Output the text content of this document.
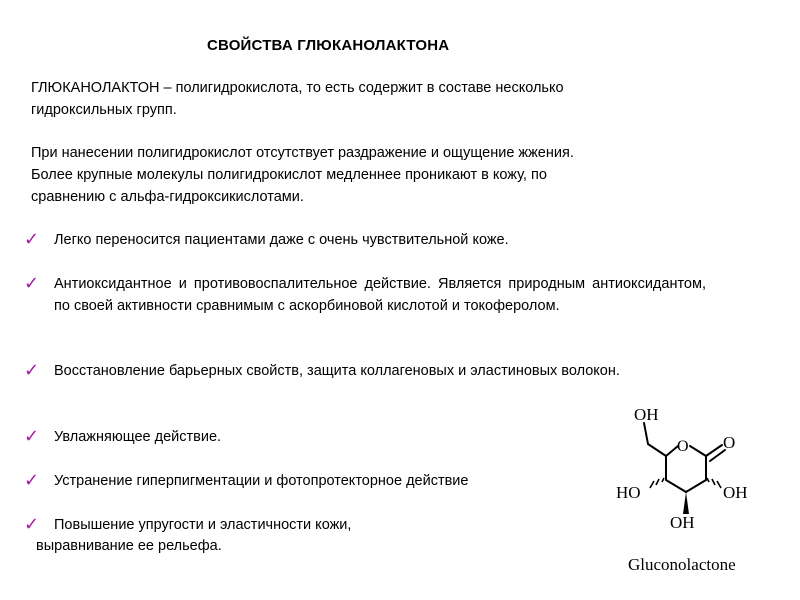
СВОЙСТВА ГЛЮКАНОЛАКТОНА
ГЛЮКАНОЛАКТОН – полигидрокислота, то есть содержит в составе несколько
гидроксильных групп.
При нанесении полигидрокислот отсутствует раздражение и ощущение жжения.
Более крупные молекулы полигидрокислот медленнее проникают в кожу, по
сравнению с альфа-гидроксикислотами.
✓ Легко переносится пациентами даже с очень чувствительной коже.
✓ Антиоксидантное и противовоспалительное действие. Является природным антиоксидантом, по своей активности сравнимым с аскорбиновой кислотой и токоферолом.
✓ Восстановление барьерных свойств, защита коллагеновых и эластиновых волокон.
✓ Увлажняющее действие.
✓ Устранение гиперпигментации и фотопротекторное действие
✓ Повышение упругости и эластичности кожи,
выравнивание ее рельефа.
OH
O O
HO	OH
OH
Gluconolactone
